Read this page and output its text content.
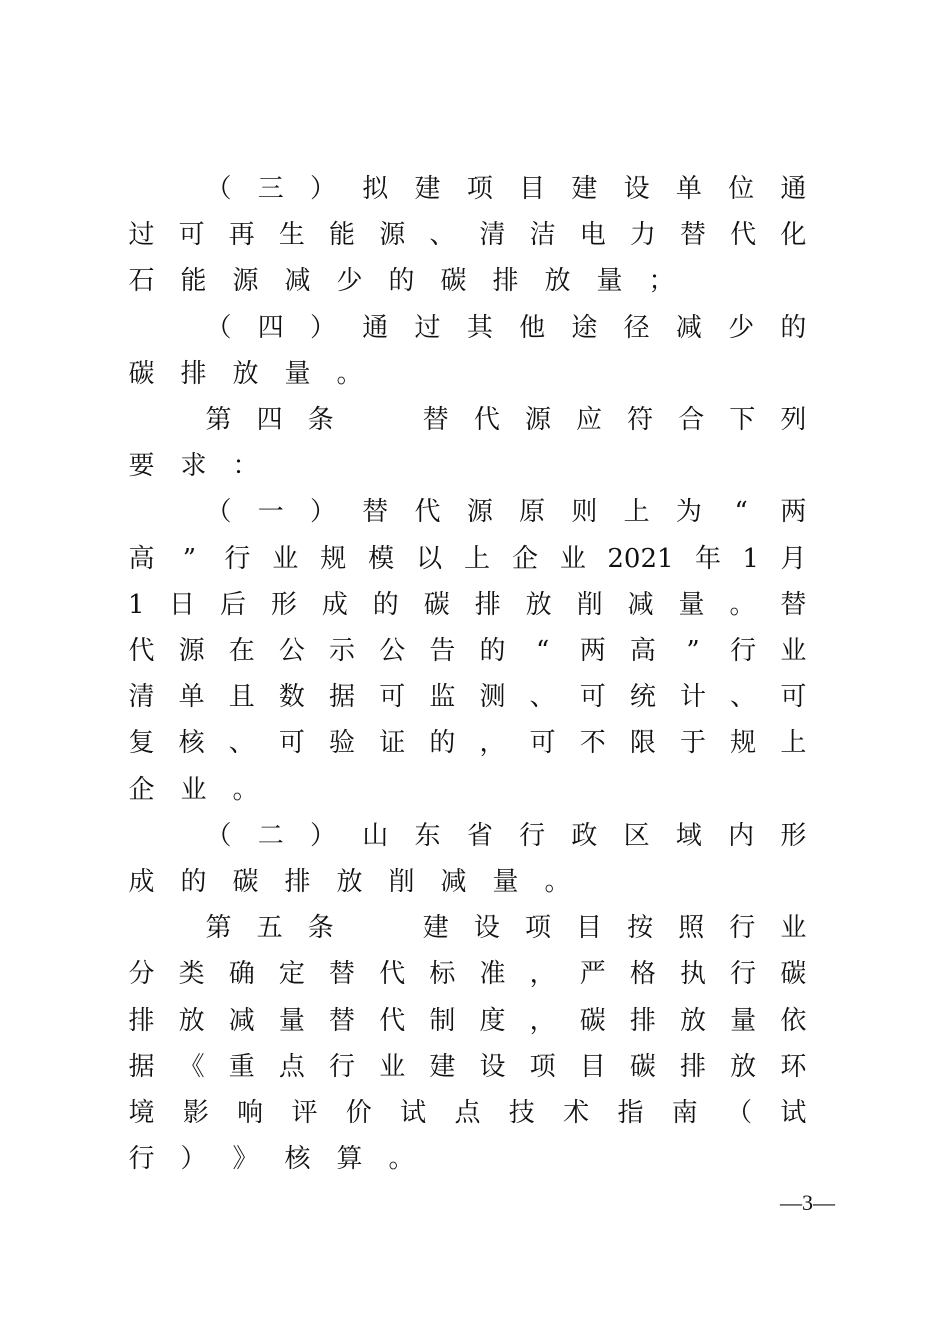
（ 三 ） 拟 建 项 目 建 设 单 位 通
过 可 再 生 能 源 、 清 洁 电 力 替 代 化
石 能 源 减 少 的 碳 排 放 量 ；
（ 四 ） 通 过 其 他 途 径 减 少 的
碳 排 放 量 。
第 四 条
	替 代 源 应 符 合 下 列
要 求 ：
（ 一 ） 替 代 源 原 则 上 为 “ 两
高 ” 行 业 规 模 以 上 企 业 2021 年 1 月
1 日 后 形 成 的 碳 排 放 削 减 量 。 替
代 源 在 公 示 公 告 的 “ 两 高 ” 行 业
清 单 且 数 据 可 监 测 、 可 统 计 、 可
复 核 、 可 验 证 的 ， 可 不 限 于 规 上
企 业 。
（ 二 ） 山 东 省 行 政 区 域 内 形
成 的 碳 排 放 削 减 量 。
第 五 条
	建 设 项 目 按 照 行 业
分 类 确 定 替 代 标 准 ， 严 格 执 行 碳
排 放 减 量 替 代 制 度 ， 碳 排 放 量 依
据 《 重 点 行 业 建 设 项 目 碳 排 放 环
境 影 响 评 价 试 点 技 术 指 南 （ 试
行 ） 》 核 算 。
—3—
